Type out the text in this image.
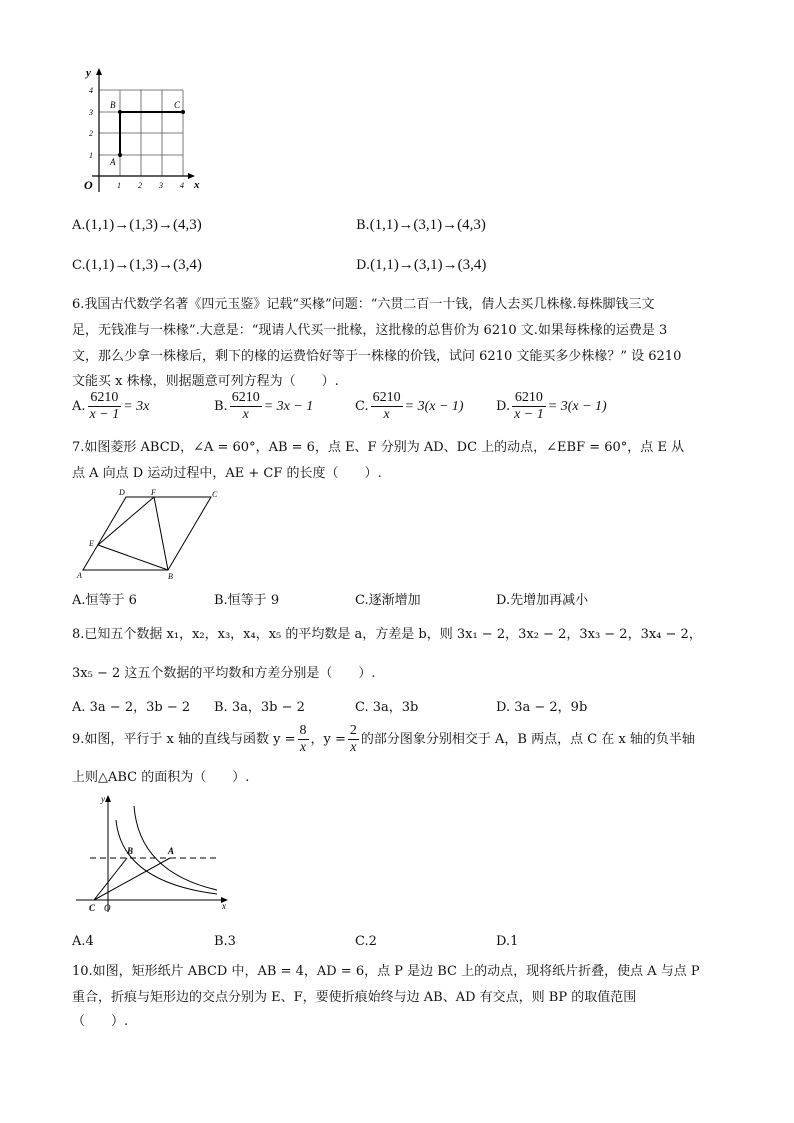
y
x
O	1 2 3 4
1
2
3
4
A
B	C
A.(1,1)→(1,3)→(4,3)	B.(1,1)→(3,1)→(4,3)
C.(1,1)→(1,3)→(3,4)	D.(1,1)→(3,1)→(3,4)
6.我国古代数学名著《四元玉鉴》记载“买椽”问题：“六贯二百一十钱，倩人去买几株椽.每株脚钱三文
足，无钱准与一株椽”.大意是：“现请人代买一批椽，这批椽的总售价为 6210 文.如果每株椽的运费是 3
文，那么少拿一株椽后，剩下的椽的运费恰好等于一株椽的价钱，试问 6210 文能买多少株椽？” 设 6210
文能买 x 株椽，则据题意可列方程为（　　）.
A. $\frac{6210}{x - 1} = 3x$	B. $\frac{6210}{x} = 3x - 1$	C. $\frac{6210}{x} = 3(x - 1)$ D. $\frac{6210}{x - 1} = 3(x - 1)$
7.如图菱形 ABCD，∠A = 60°，AB = 6，点 E、F 分别为 AD、DC 上的动点，∠EBF = 60°，点 E 从
点 A 向点 D 运动过程中，AE + CF 的长度（　　）.
D	F	C
E
A	B
A.恒等于 6	B.恒等于 9	C.逐渐增加	D.先增加再减小
8.已知五个数据 x₁，x₂，x₃，x₄，x₅ 的平均数是 a，方差是 b，则 3x₁ − 2，3x₂ − 2，3x₃ − 2，3x₄ − 2，
3x₅ − 2 这五个数据的平均数和方差分别是（　　）.
A. 3a − 2，3b − 2 B. 3a，3b − 2	C. 3a，3b	D. 3a − 2，9b
9.如图，平行于 x 轴的直线与函数 $y = \frac{8}{x}$ ，$y = \frac{2}{x}$ 的部分图象分别相交于 A，B 两点，点 C 在 x 轴的负半轴
上则△ABC 的面积为（　　）.
y
x
B	A
C O
A.4	B.3	C.2	D.1
10.如图，矩形纸片 ABCD 中，AB = 4，AD = 6，点 P 是边 BC 上的动点，现将纸片折叠，使点 A 与点 P
重合，折痕与矩形边的交点分别为 E、F，要使折痕始终与边 AB、AD 有交点，则 BP 的取值范围
（　　）.
